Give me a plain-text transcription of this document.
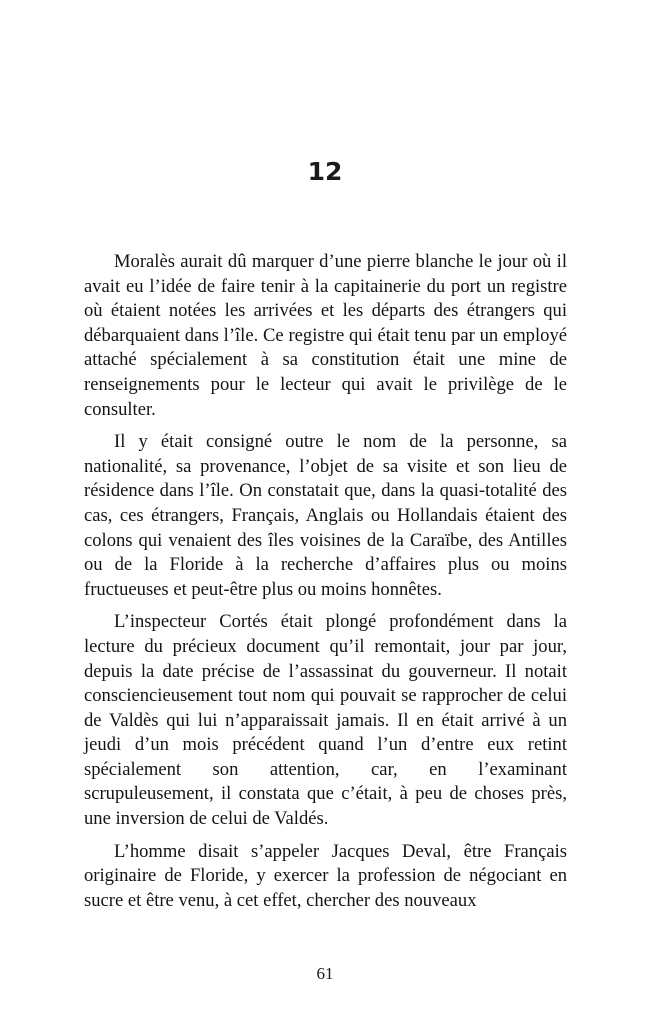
12

Moralès aurait dû marquer d’une pierre blanche le jour où il avait eu l’idée de faire tenir à la capitainerie du port un registre où étaient notées les arrivées et les départs des étrangers qui débarquaient dans l’île. Ce registre qui était tenu par un employé attaché spécialement à sa constitution était une mine de renseignements pour le lecteur qui avait le privilège de le consulter.

Il y était consigné outre le nom de la personne, sa nationalité, sa provenance, l’objet de sa visite et son lieu de résidence dans l’île. On constatait que, dans la quasi-totalité des cas, ces étrangers, Français, Anglais ou Hollandais étaient des colons qui venaient des îles voisines de la Caraïbe, des Antilles ou de la Floride à la recherche d’affaires plus ou moins fructueuses et peut-être plus ou moins honnêtes.

L’inspecteur Cortés était plongé profondément dans la lecture du précieux document qu’il remontait, jour par jour, depuis la date précise de l’assassinat du gouverneur. Il notait consciencieusement tout nom qui pouvait se rapprocher de celui de Valdès qui lui n’apparaissait jamais. Il en était arrivé à un jeudi d’un mois précédent quand l’un d’entre eux retint spécialement son attention, car, en l’examinant scrupuleusement, il constata que c’était, à peu de choses près, une inversion de celui de Valdés.

L’homme disait s’appeler Jacques Deval, être Français originaire de Floride, y exercer la profession de négociant en sucre et être venu, à cet effet, chercher des nouveaux

61
